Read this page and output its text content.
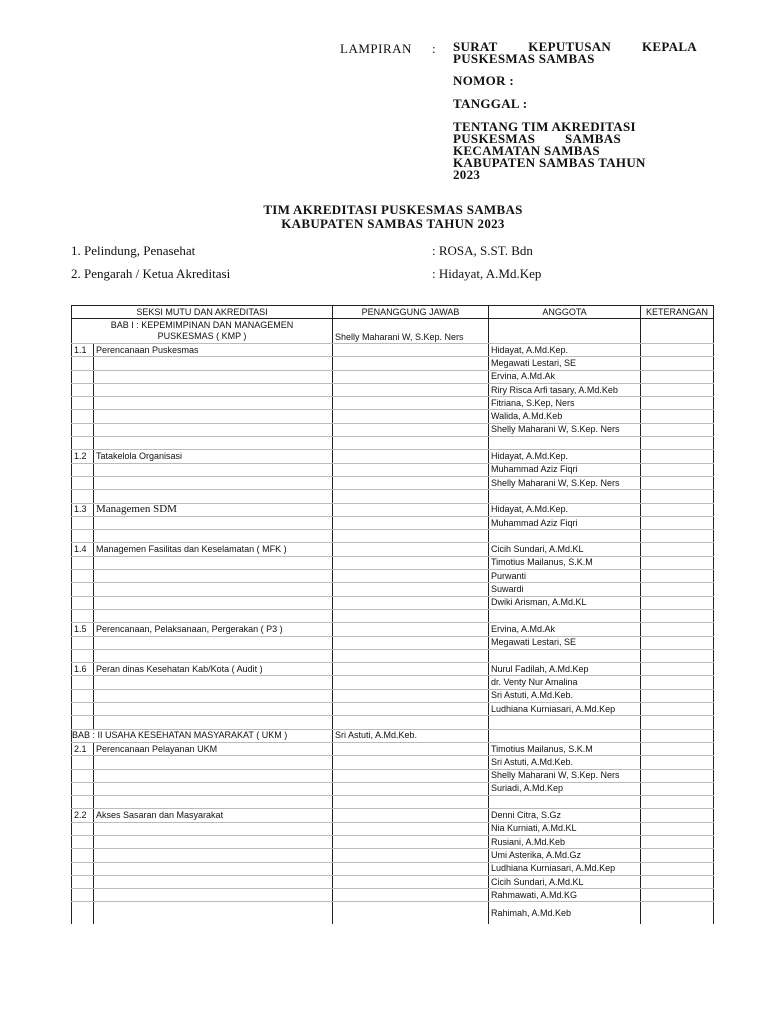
LAMPIRAN : SURAT KEPUTUSAN KEPALA
PUSKESMAS SAMBAS
NOMOR :
TANGGAL :
TENTANG TIM AKREDITASI
PUSKESMAS SAMBAS
KECAMATAN SAMBAS
KABUPATEN SAMBAS TAHUN
2023
TIM AKREDITASI PUSKESMAS SAMBAS
KABUPATEN SAMBAS TAHUN 2023
1. Pelindung, Penasehat	: ROSA, S.ST. Bdn
2. Pengarah / Ketua Akreditasi	: Hidayat, A.Md.Kep
SEKSI MUTU DAN AKREDITASI		PENANGGUNG JAWAB	ANGGOTA	KETERANGAN

BAB I : KEPEMIMPINAN DAN MANAGEMEN
PUSKESMAS ( KMP )		Shelly Maharani W, S.Kep. Ners		
1.1	Perencanaan Puskesmas		Hidayat, A.Md.Kep.	
			Megawati Lestari, SE	
			Ervina, A.Md.Ak	
			Riry Risca Arfi tasary, A.Md.Keb	
			Fitriana, S.Kep, Ners	
			Walida, A.Md.Keb	
			Shelly Maharani W, S.Kep. Ners	

1.2	Tatakelola Organisasi		Hidayat, A.Md.Kep.	
			Muhammad Aziz Fiqri	
			Shelly Maharani W, S.Kep. Ners	

1.3	Managemen SDM		Hidayat, A.Md.Kep.	
			Muhammad Aziz Fiqri	

1.4	Managemen Fasilitas dan Keselamatan ( MFK )		Cicih Sundari, A.Md.KL	
			Timotius Mailanus, S.K.M	
			Purwanti	
			Suwardi	
			Dwiki Arisman, A.Md.KL	

1.5	Perencanaan, Pelaksanaan, Pergerakan ( P3 )		Ervina, A.Md.Ak	
			Megawati Lestari, SE	

1.6	Peran dinas Kesehatan Kab/Kota ( Audit )		Nurul Fadilah, A.Md.Kep	
			dr. Venty Nur Amalina	
			Sri Astuti, A.Md.Keb.	
			Ludhiana Kurniasari, A.Md.Kep	

BAB : II USAHA KESEHATAN MASYARAKAT ( UKM )		Sri Astuti, A.Md.Keb.		
2.1	Perencanaan Pelayanan UKM		Timotius Mailanus, S.K.M	
			Sri Astuti, A.Md.Keb.	
			Shelly Maharani W, S.Kep. Ners	
			Suriadi, A.Md.Kep	

2.2	Akses Sasaran dan Masyarakat		Denni Citra, S.Gz	
			Nia Kurniati, A.Md.KL	
			Rusiani, A.Md.Keb	
			Umi Asterika, A.Md.Gz	
			Ludhiana Kurniasari, A.Md.Kep	
			Cicih Sundari, A.Md.KL	
			Rahmawati, A.Md.KG	
			Rahimah, A.Md.Keb	
